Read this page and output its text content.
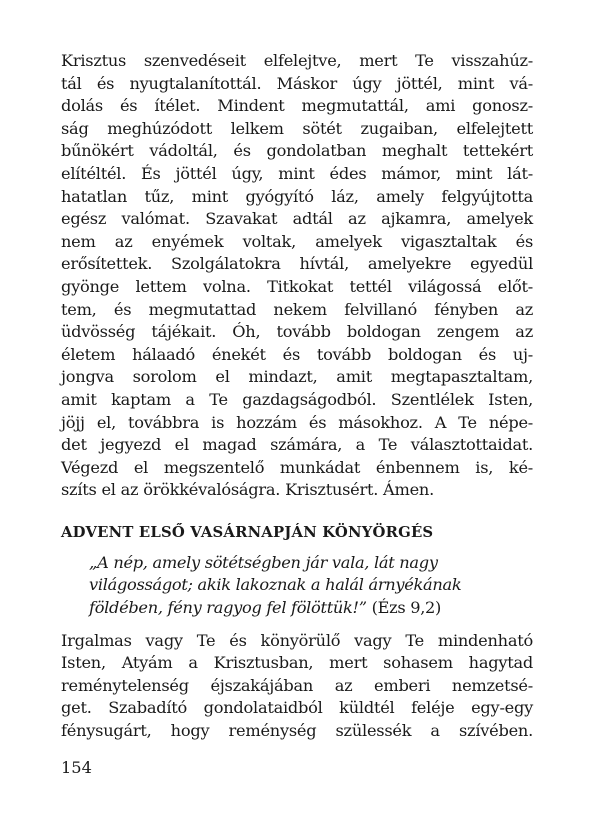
Krisztus szenvedéseit elfelejtve, mert Te visszahúz-
tál és nyugtalanítottál. Máskor úgy jöttél, mint vá-
dolás és ítélet. Mindent megmutattál, ami gonosz-
ság meghúzódott lelkem sötét zugaiban, elfelejtett
bűnökért vádoltál, és gondolatban meghalt tettekért
elítéltél. És jöttél úgy, mint édes mámor, mint lát-
hatatlan tűz, mint gyógyító láz, amely felgyújtotta
egész valómat. Szavakat adtál az ajkamra, amelyek
nem az enyémek voltak, amelyek vigasztaltak és
erősítettek. Szolgálatokra hívtál, amelyekre egyedül
gyönge lettem volna. Titkokat tettél világossá előt-
tem, és megmutattad nekem felvillanó fényben az
üdvösség tájékait. Óh, tovább boldogan zengem az
életem hálaadó énekét és tovább boldogan és uj-
jongva sorolom el mindazt, amit megtapasztaltam,
amit kaptam a Te gazdagságodból. Szentlélek Isten,
jöjj el, továbbra is hozzám és másokhoz. A Te népe-
det jegyezd el magad számára, a Te választottaidat.
Végezd el megszentelő munkádat énbennem is, ké-
szíts el az örökkévalóságra. Krisztusért. Ámen.
ADVENT ELSŐ VASÁRNAPJÁN KÖNYÖRGÉS
„A nép, amely sötétségben jár vala, lát nagy
világosságot; akik lakoznak a halál árnyékának
földében, fény ragyog fel fölöttük!” (Ézs 9,2)
Irgalmas vagy Te és könyörülő vagy Te mindenható
Isten, Atyám a Krisztusban, mert sohasem hagytad
reménytelenség éjszakájában az emberi nemzetsé-
get. Szabadító gondolataidból küldtél feléje egy-egy
fénysugárt, hogy reménység szülessék a szívében.
154
